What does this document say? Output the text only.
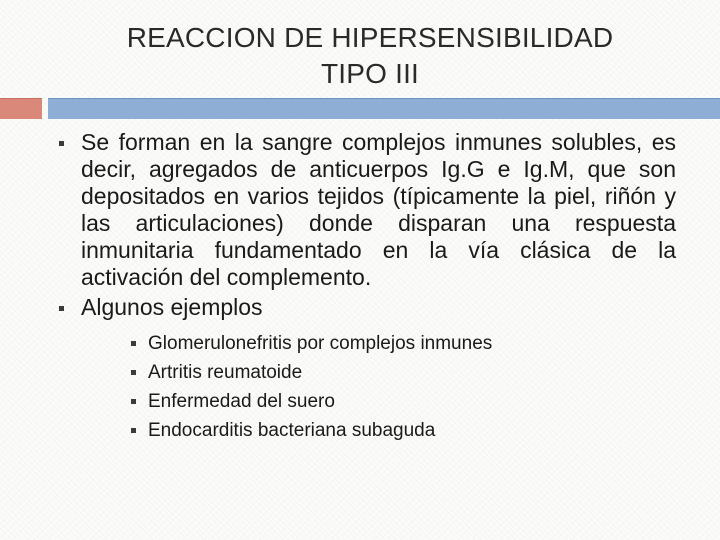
REACCION DE HIPERSENSIBILIDAD
TIPO III
Se forman en la sangre complejos inmunes solubles, es decir, agregados de anticuerpos Ig.G e Ig.M, que son depositados en varios tejidos (típicamente la piel, riñón y las articulaciones) donde disparan una respuesta inmunitaria fundamentado en la vía clásica de la activación del complemento.
Algunos ejemplos
Glomerulonefritis por complejos inmunes
Artritis reumatoide
Enfermedad del suero
Endocarditis bacteriana subaguda
